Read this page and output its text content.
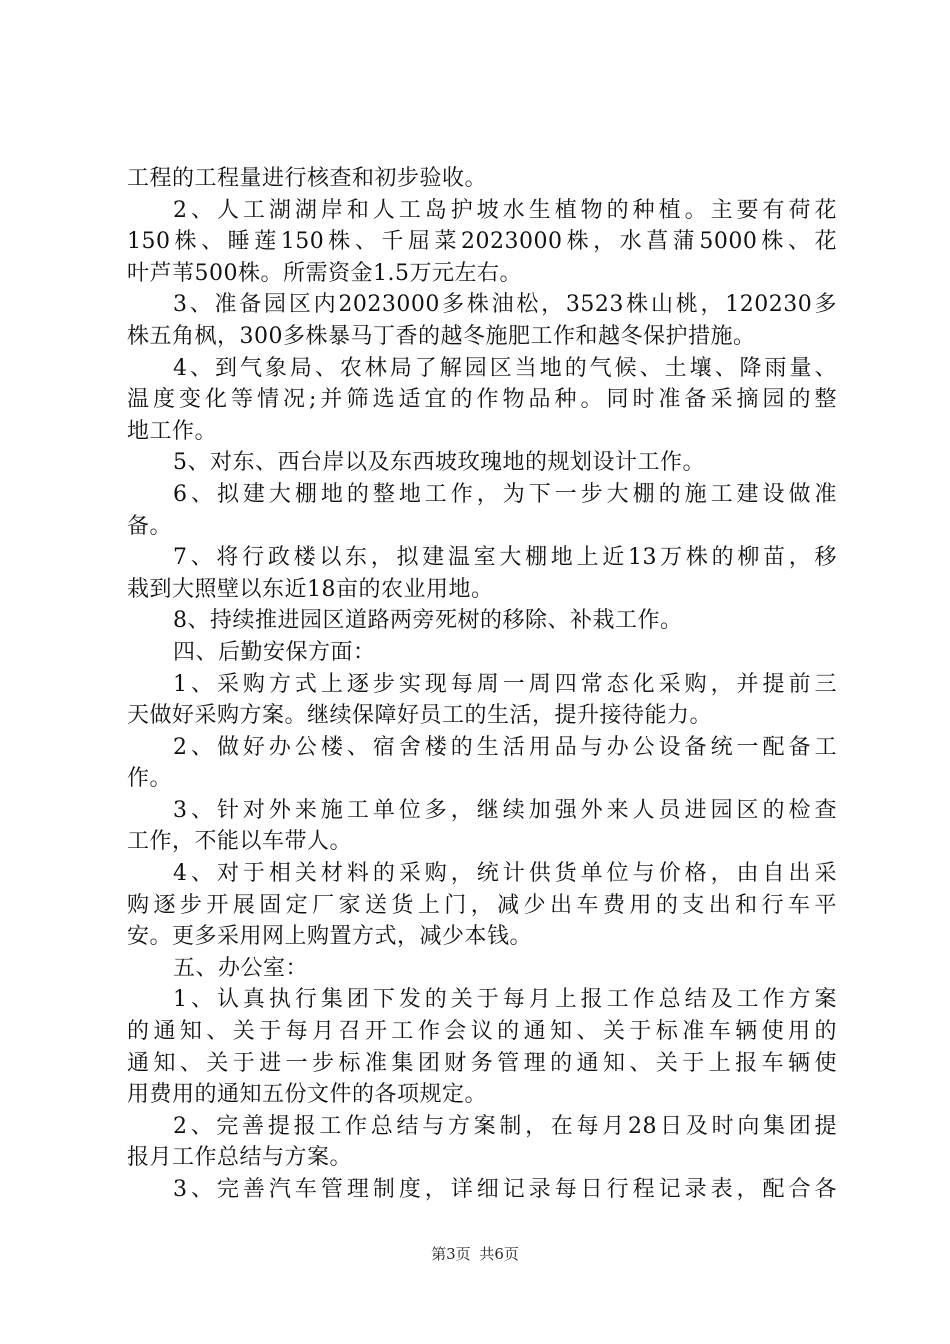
工程的工程量进行核查和初步验收。
2、人工湖湖岸和人工岛护坡水生植物的种植。主要有荷花
150株、睡莲150株、千屈菜2023000株，水菖蒲5000株、花
叶芦苇500株。所需资金1.5万元左右。
3、准备园区内2023000多株油松，3523株山桃，120230多
株五角枫，300多株暴马丁香的越冬施肥工作和越冬保护措施。
4、到气象局、农林局了解园区当地的气候、土壤、降雨量、
温度变化等情况;并筛选适宜的作物品种。同时准备采摘园的整
地工作。
5、对东、西台岸以及东西坡玫瑰地的规划设计工作。
6、拟建大棚地的整地工作，为下一步大棚的施工建设做准
备。
7、将行政楼以东，拟建温室大棚地上近13万株的柳苗，移
栽到大照壁以东近18亩的农业用地。
8、持续推进园区道路两旁死树的移除、补栽工作。
四、后勤安保方面：
1、采购方式上逐步实现每周一周四常态化采购，并提前三
天做好采购方案。继续保障好员工的生活，提升接待能力。
2、做好办公楼、宿舍楼的生活用品与办公设备统一配备工
作。
3、针对外来施工单位多，继续加强外来人员进园区的检查
工作，不能以车带人。
4、对于相关材料的采购，统计供货单位与价格，由自出采
购逐步开展固定厂家送货上门，减少出车费用的支出和行车平
安。更多采用网上购置方式，减少本钱。
五、办公室：
1、认真执行集团下发的关于每月上报工作总结及工作方案
的通知、关于每月召开工作会议的通知、关于标准车辆使用的
通知、关于进一步标准集团财务管理的通知、关于上报车辆使
用费用的通知五份文件的各项规定。
2、完善提报工作总结与方案制，在每月28日及时向集团提
报月工作总结与方案。
3、完善汽车管理制度，详细记录每日行程记录表，配合各
第3页 共6页
